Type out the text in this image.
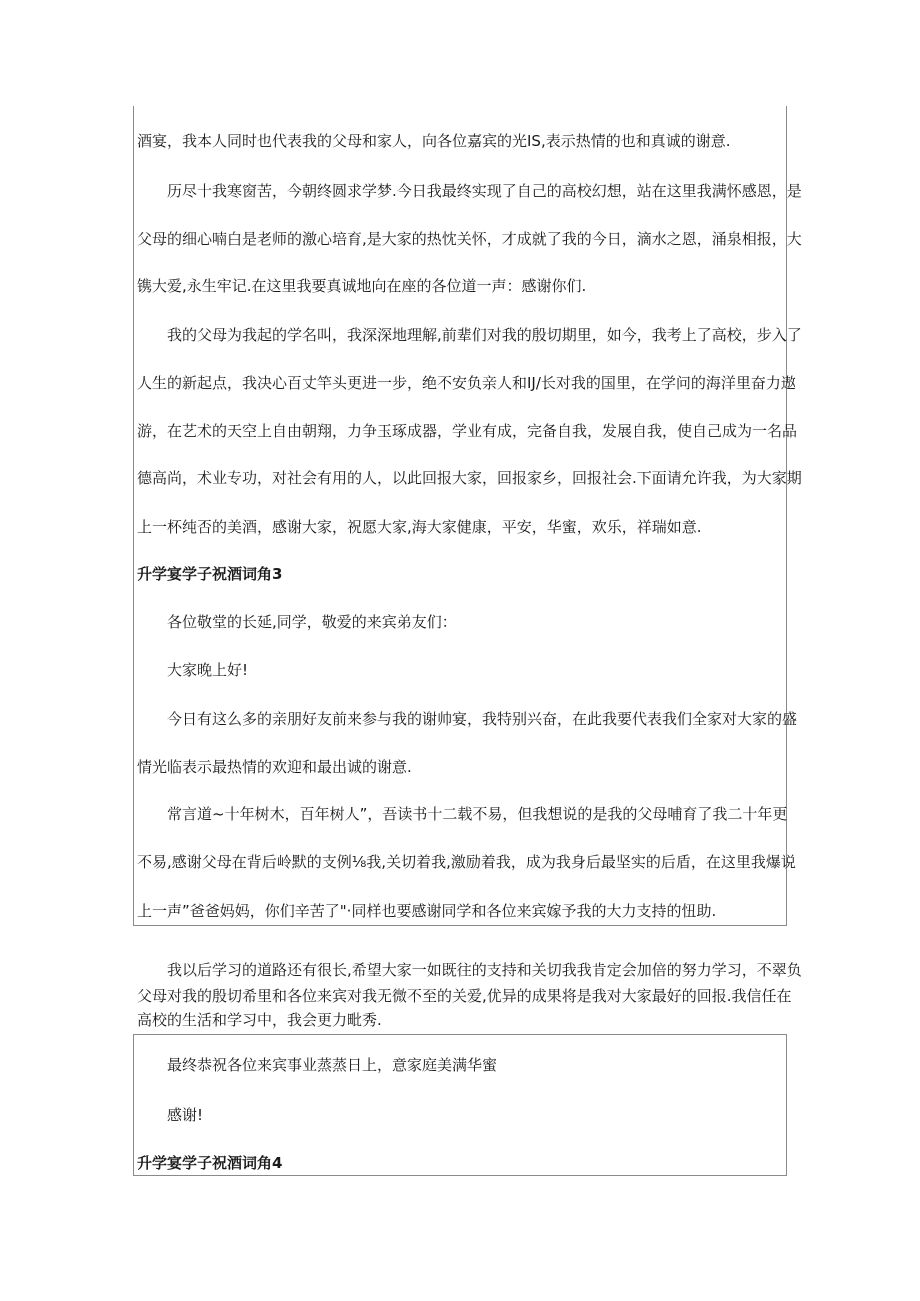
酒宴，我本人同时也代表我的父母和家人，向各位嘉宾的光IS,表示热情的也和真诚的谢意.
历尽十我寒窗苦，今朝终圆求学梦.今日我最终实现了自己的高校幻想，站在这里我满怀感恩，是
父母的细心喃白是老师的激心培育,是大家的热忱关怀，才成就了我的今日，滴水之恩，涌泉相报，大
镌大爱,永生牢记.在这里我要真诚地向在座的各位道一声：感谢你们.
我的父母为我起的学名叫，我深深地理解,前辈们对我的殷切期里，如今，我考上了高校，步入了
人生的新起点，我决心百丈竿头更进一步，绝不安负亲人和IJ/长对我的国里，在学问的海洋里奋力遨
游，在艺术的天空上自由朝翔，力争玉琢成器，学业有成，完备自我，发展自我，使自己成为一名品
德高尚，术业专功，对社会有用的人，以此回报大家，回报家乡，回报社会.下面请允许我，为大家期
上一杯纯否的美酒，感谢大家，祝愿大家,海大家健康，平安，华蜜，欢乐，祥瑞如意.
升学宴学子祝酒词角3
各位敬堂的长延,同学，敬爱的来宾弟友们：
大家晚上好!
今日有这么多的亲朋好友前来参与我的谢帅宴，我特别兴奋，在此我要代表我们全家对大家的盛
情光临表示最热情的欢迎和最出诚的谢意.
常言道~十年树木，百年树人”，吾读书十二载不易，但我想说的是我的父母哺育了我二十年更
不易,感谢父母在背后岭默的支例⅛我,关切着我,激励着我，成为我身后最坚实的后盾，在这里我爆说
上一声”爸爸妈妈，你们辛苦了"·同样也要感谢同学和各位来宾嫁予我的大力支持的忸助.
我以后学习的道路还有很长,希望大家一如既往的支持和关切我我肯定会加倍的努力学习，不翠负
父母对我的殷切希里和各位来宾对我无微不至的关爱,优异的成果将是我对大家最好的回报.我信任在
高校的生活和学习中，我会更力毗秀.
最终恭祝各位来宾事业蒸蒸日上，意家庭美满华蜜
感谢!
升学宴学子祝酒词角4
